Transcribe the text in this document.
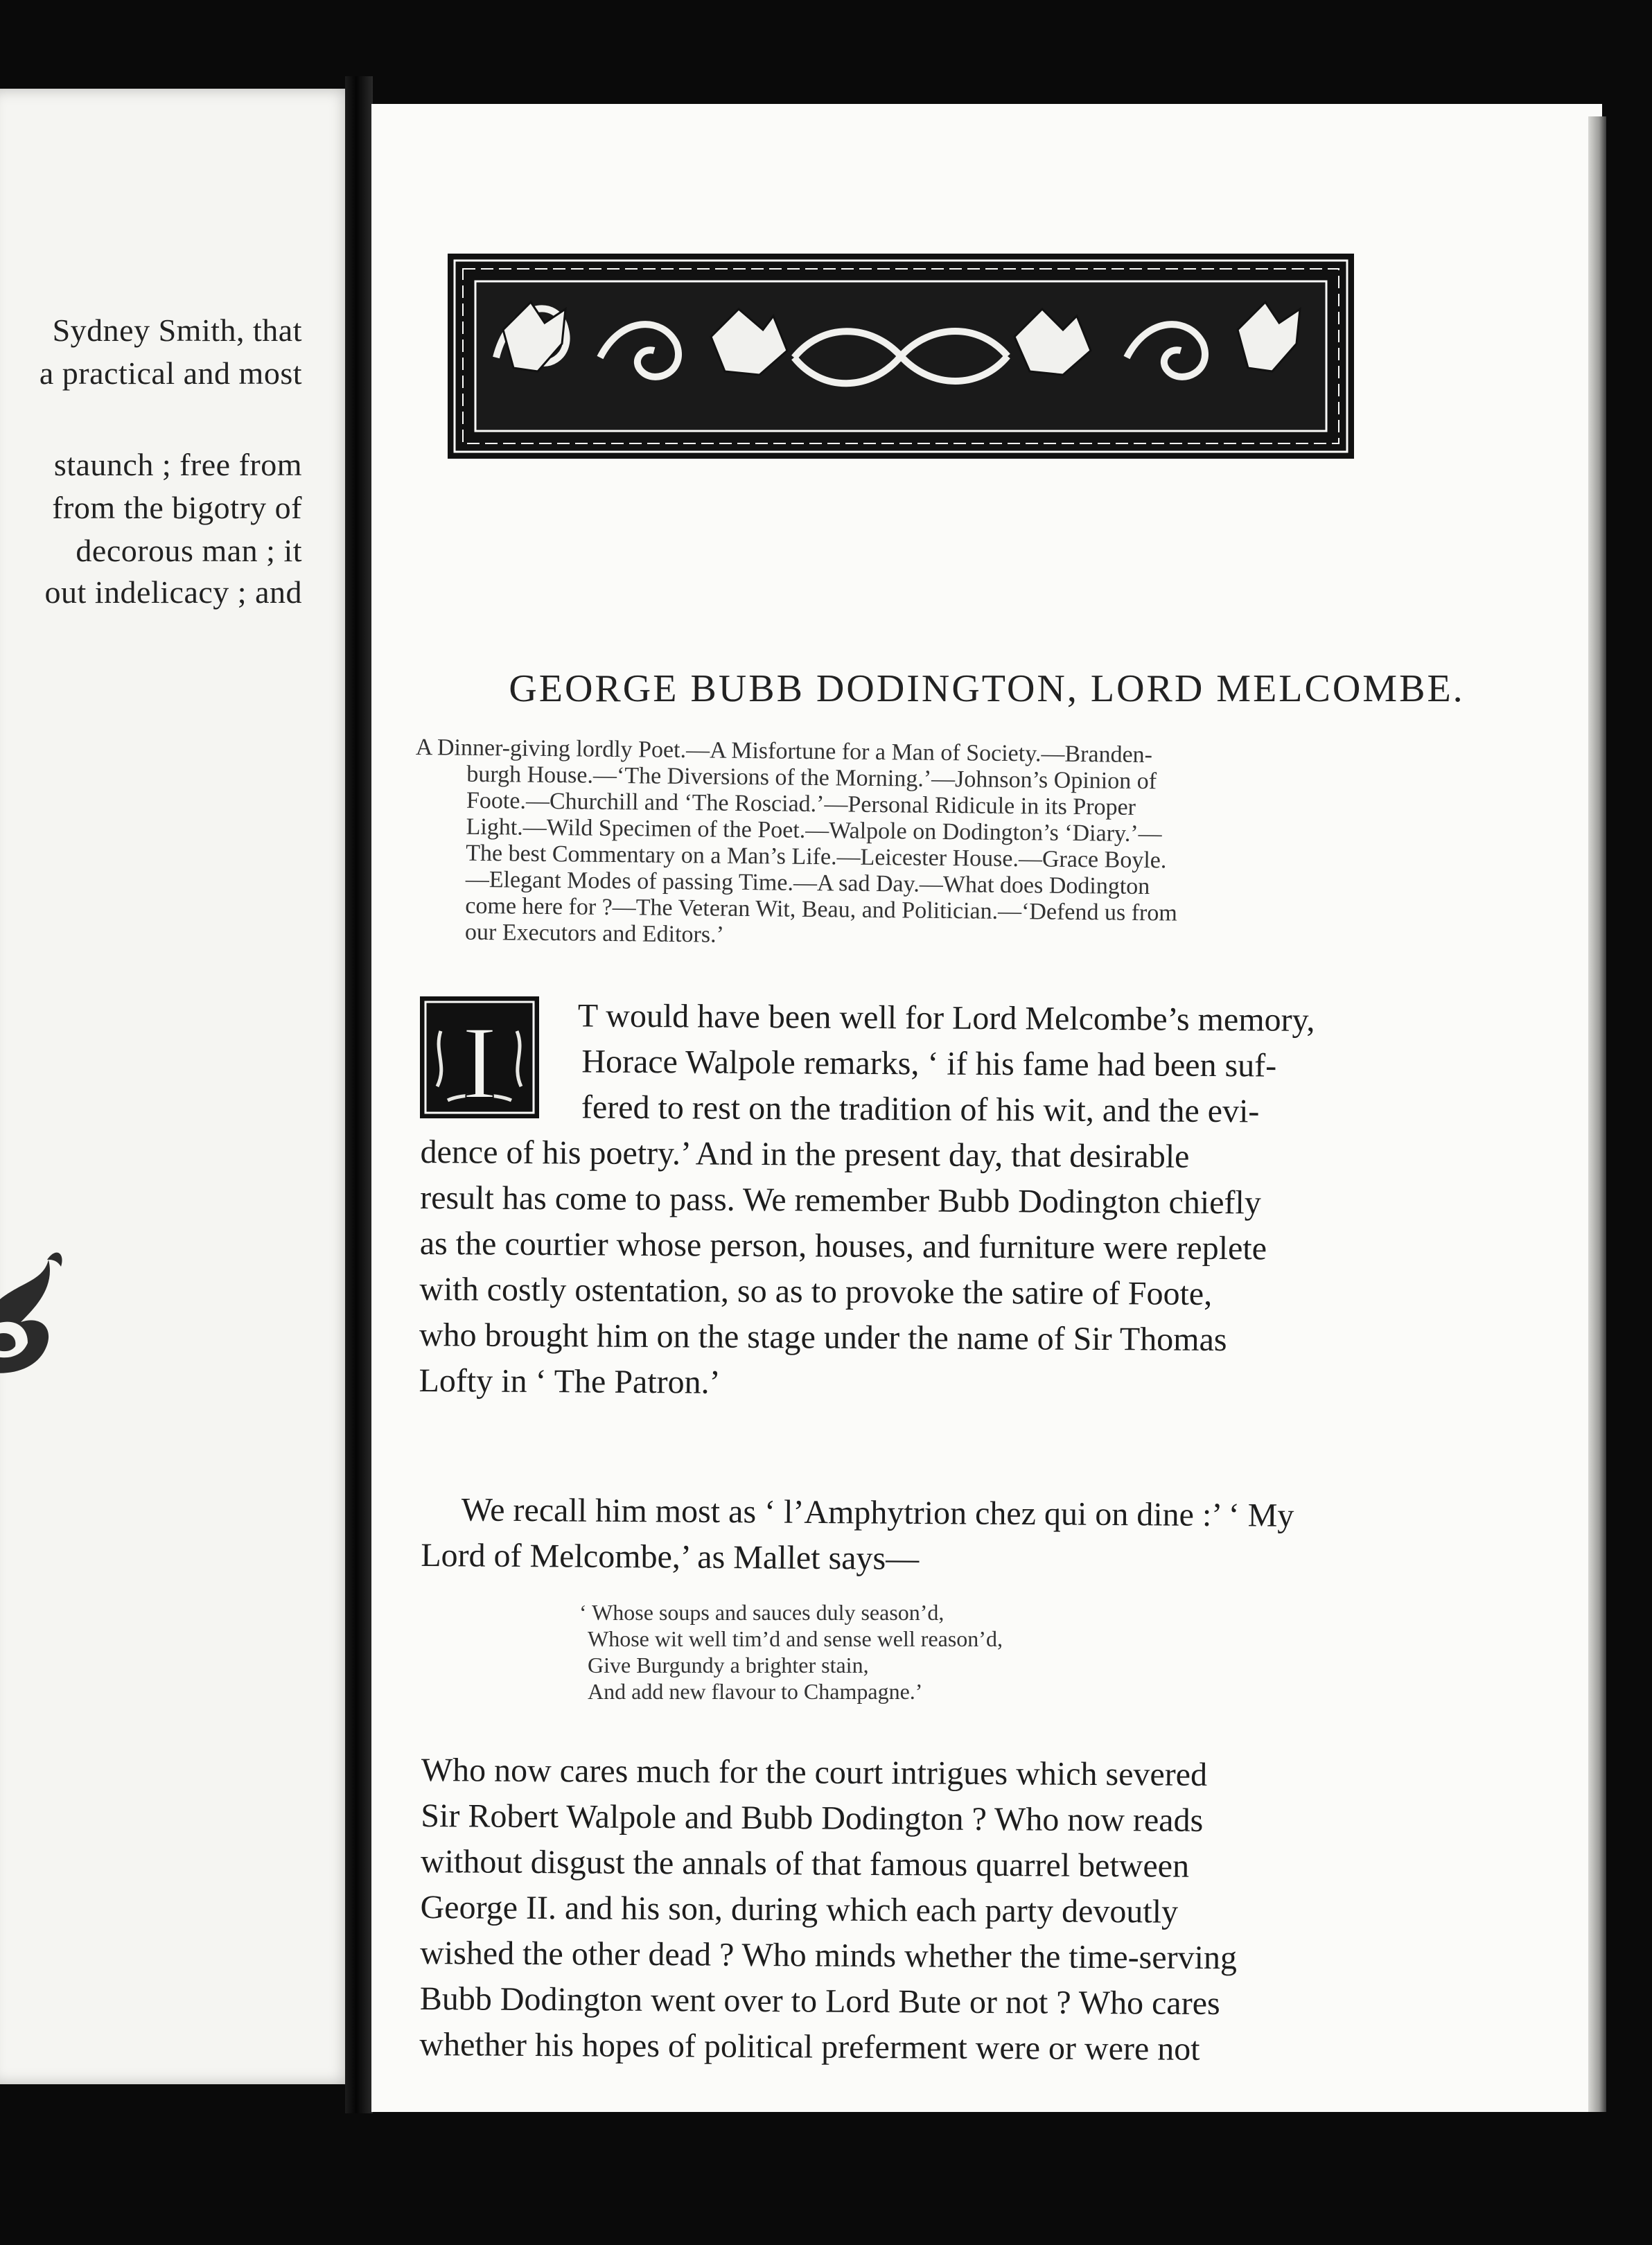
Sydney Smith, that
a practical and most
staunch ; free from
from the bigotry of
decorous man ; it
out indelicacy ; and
GEORGE BUBB DODINGTON, LORD MELCOMBE.
A Dinner-giving lordly Poet.—A Misfortune for a Man of Society.—Branden-
burgh House.—‘The Diversions of the Morning.’—Johnson’s Opinion of
Foote.—Churchill and ‘The Rosciad.’—Personal Ridicule in its Proper
Light.—Wild Specimen of the Poet.—Walpole on Dodington’s ‘Diary.’—
The best Commentary on a Man’s Life.—Leicester House.—Grace Boyle.
—Elegant Modes of passing Time.—A sad Day.—What does Dodington
come here for ?—The Veteran Wit, Beau, and Politician.—‘Defend us from
our Executors and Editors.’
I	T would have been well for Lord Melcombe’s memory,
Horace Walpole remarks, ‘ if his fame had been suf-
fered to rest on the tradition of his wit, and the evi-
dence of his poetry.’ And in the present day, that desirable
result has come to pass. We remember Bubb Dodington chiefly
as the courtier whose person, houses, and furniture were replete
with costly ostentation, so as to provoke the satire of Foote,
who brought him on the stage under the name of Sir Thomas
Lofty in ‘ The Patron.’
We recall him most as ‘ l’Amphytrion chez qui on dine :’ ‘ My
Lord of Melcombe,’ as Mallet says—
‘ Whose soups and sauces duly season’d,
Whose wit well tim’d and sense well reason’d,
Give Burgundy a brighter stain,
And add new flavour to Champagne.’
Who now cares much for the court intrigues which severed
Sir Robert Walpole and Bubb Dodington ? Who now reads
without disgust the annals of that famous quarrel between
George II. and his son, during which each party devoutly
wished the other dead ? Who minds whether the time-serving
Bubb Dodington went over to Lord Bute or not ? Who cares
whether his hopes of political preferment were or were not
